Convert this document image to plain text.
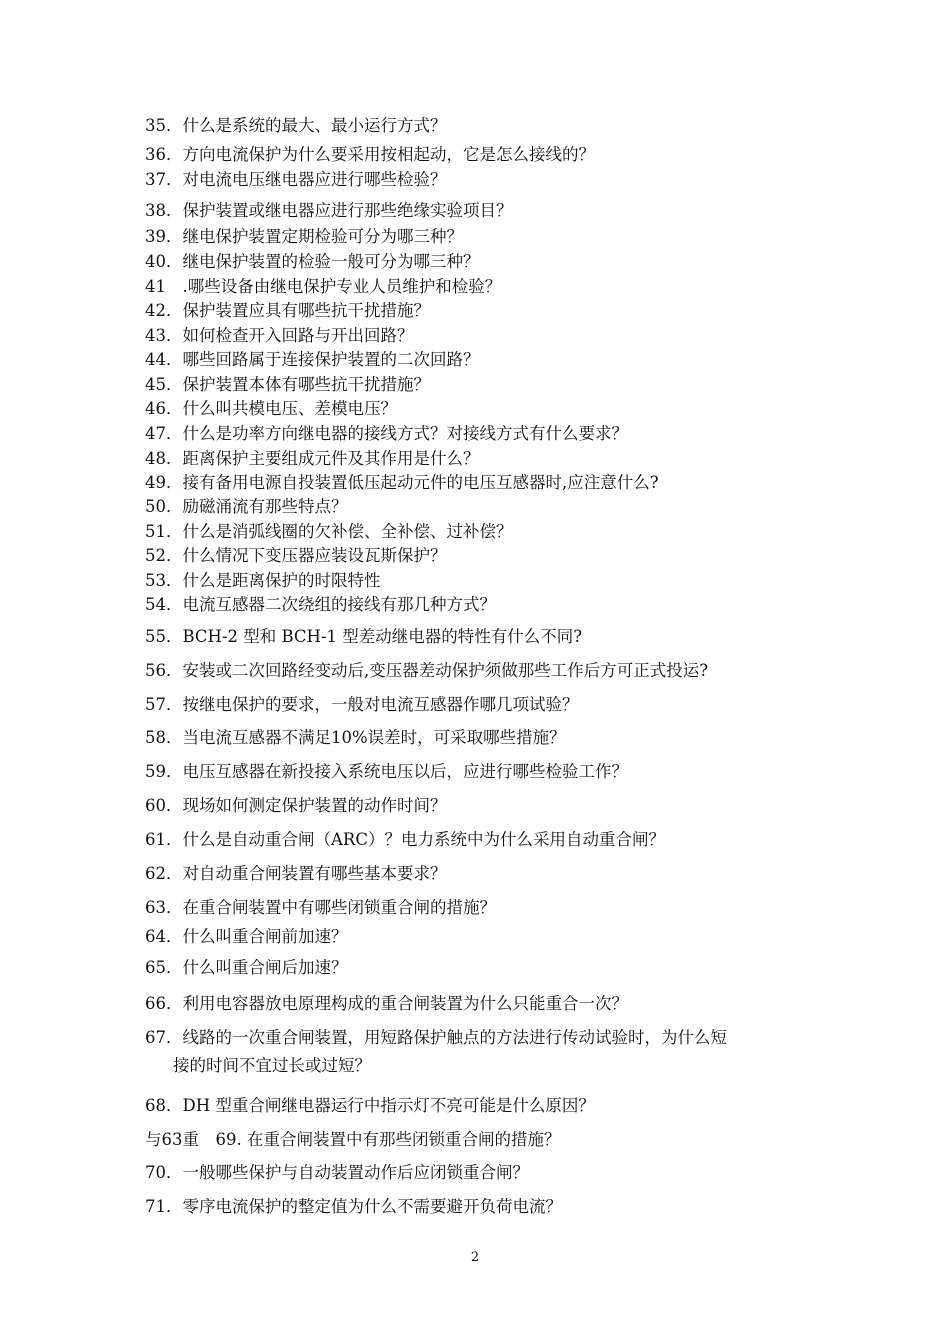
35．什么是系统的最大、最小运行方式？
36．方向电流保护为什么要采用按相起动，它是怎么接线的？
37．对电流电压继电器应进行哪些检验？
38．保护装置或继电器应进行那些绝缘实验项目？
39．继电保护装置定期检验可分为哪三种？
40．继电保护装置的检验一般可分为哪三种？
41　.哪些设备由继电保护专业人员维护和检验？
42．保护装置应具有哪些抗干扰措施？
43．如何检查开入回路与开出回路？
44．哪些回路属于连接保护装置的二次回路？
45．保护装置本体有哪些抗干扰措施？
46．什么叫共模电压、差模电压？
47．什么是功率方向继电器的接线方式？对接线方式有什么要求？
48．距离保护主要组成元件及其作用是什么？
49．接有备用电源自投装置低压起动元件的电压互感器时,应注意什么?
50．励磁涌流有那些特点？
51．什么是消弧线圈的欠补偿、全补偿、过补偿？
52．什么情况下变压器应装设瓦斯保护？
53．什么是距离保护的时限特性
54．电流互感器二次绕组的接线有那几种方式？
55．BCH-2 型和 BCH-1 型差动继电器的特性有什么不同?
56．安装或二次回路经变动后,变压器差动保护须做那些工作后方可正式投运?
57．按继电保护的要求，一般对电流互感器作哪几项试验？
58．当电流互感器不满足10%误差时，可采取哪些措施？
59．电压互感器在新投接入系统电压以后，应进行哪些检验工作？
60．现场如何测定保护装置的动作时间？
61．什么是自动重合闸（ARC）？电力系统中为什么采用自动重合闸？
62．对自动重合闸装置有哪些基本要求？
63．在重合闸装置中有哪些闭锁重合闸的措施？
64．什么叫重合闸前加速？
65．什么叫重合闸后加速？
66．利用电容器放电原理构成的重合闸装置为什么只能重合一次？
67．线路的一次重合闸装置，用短路保护触点的方法进行传动试验时，为什么短
接的时间不宜过长或过短？
68．DH 型重合闸继电器运行中指示灯不亮可能是什么原因？
与63重　69. 在重合闸装置中有那些闭锁重合闸的措施？
70．一般哪些保护与自动装置动作后应闭锁重合闸？
71．零序电流保护的整定值为什么不需要避开负荷电流？
2
